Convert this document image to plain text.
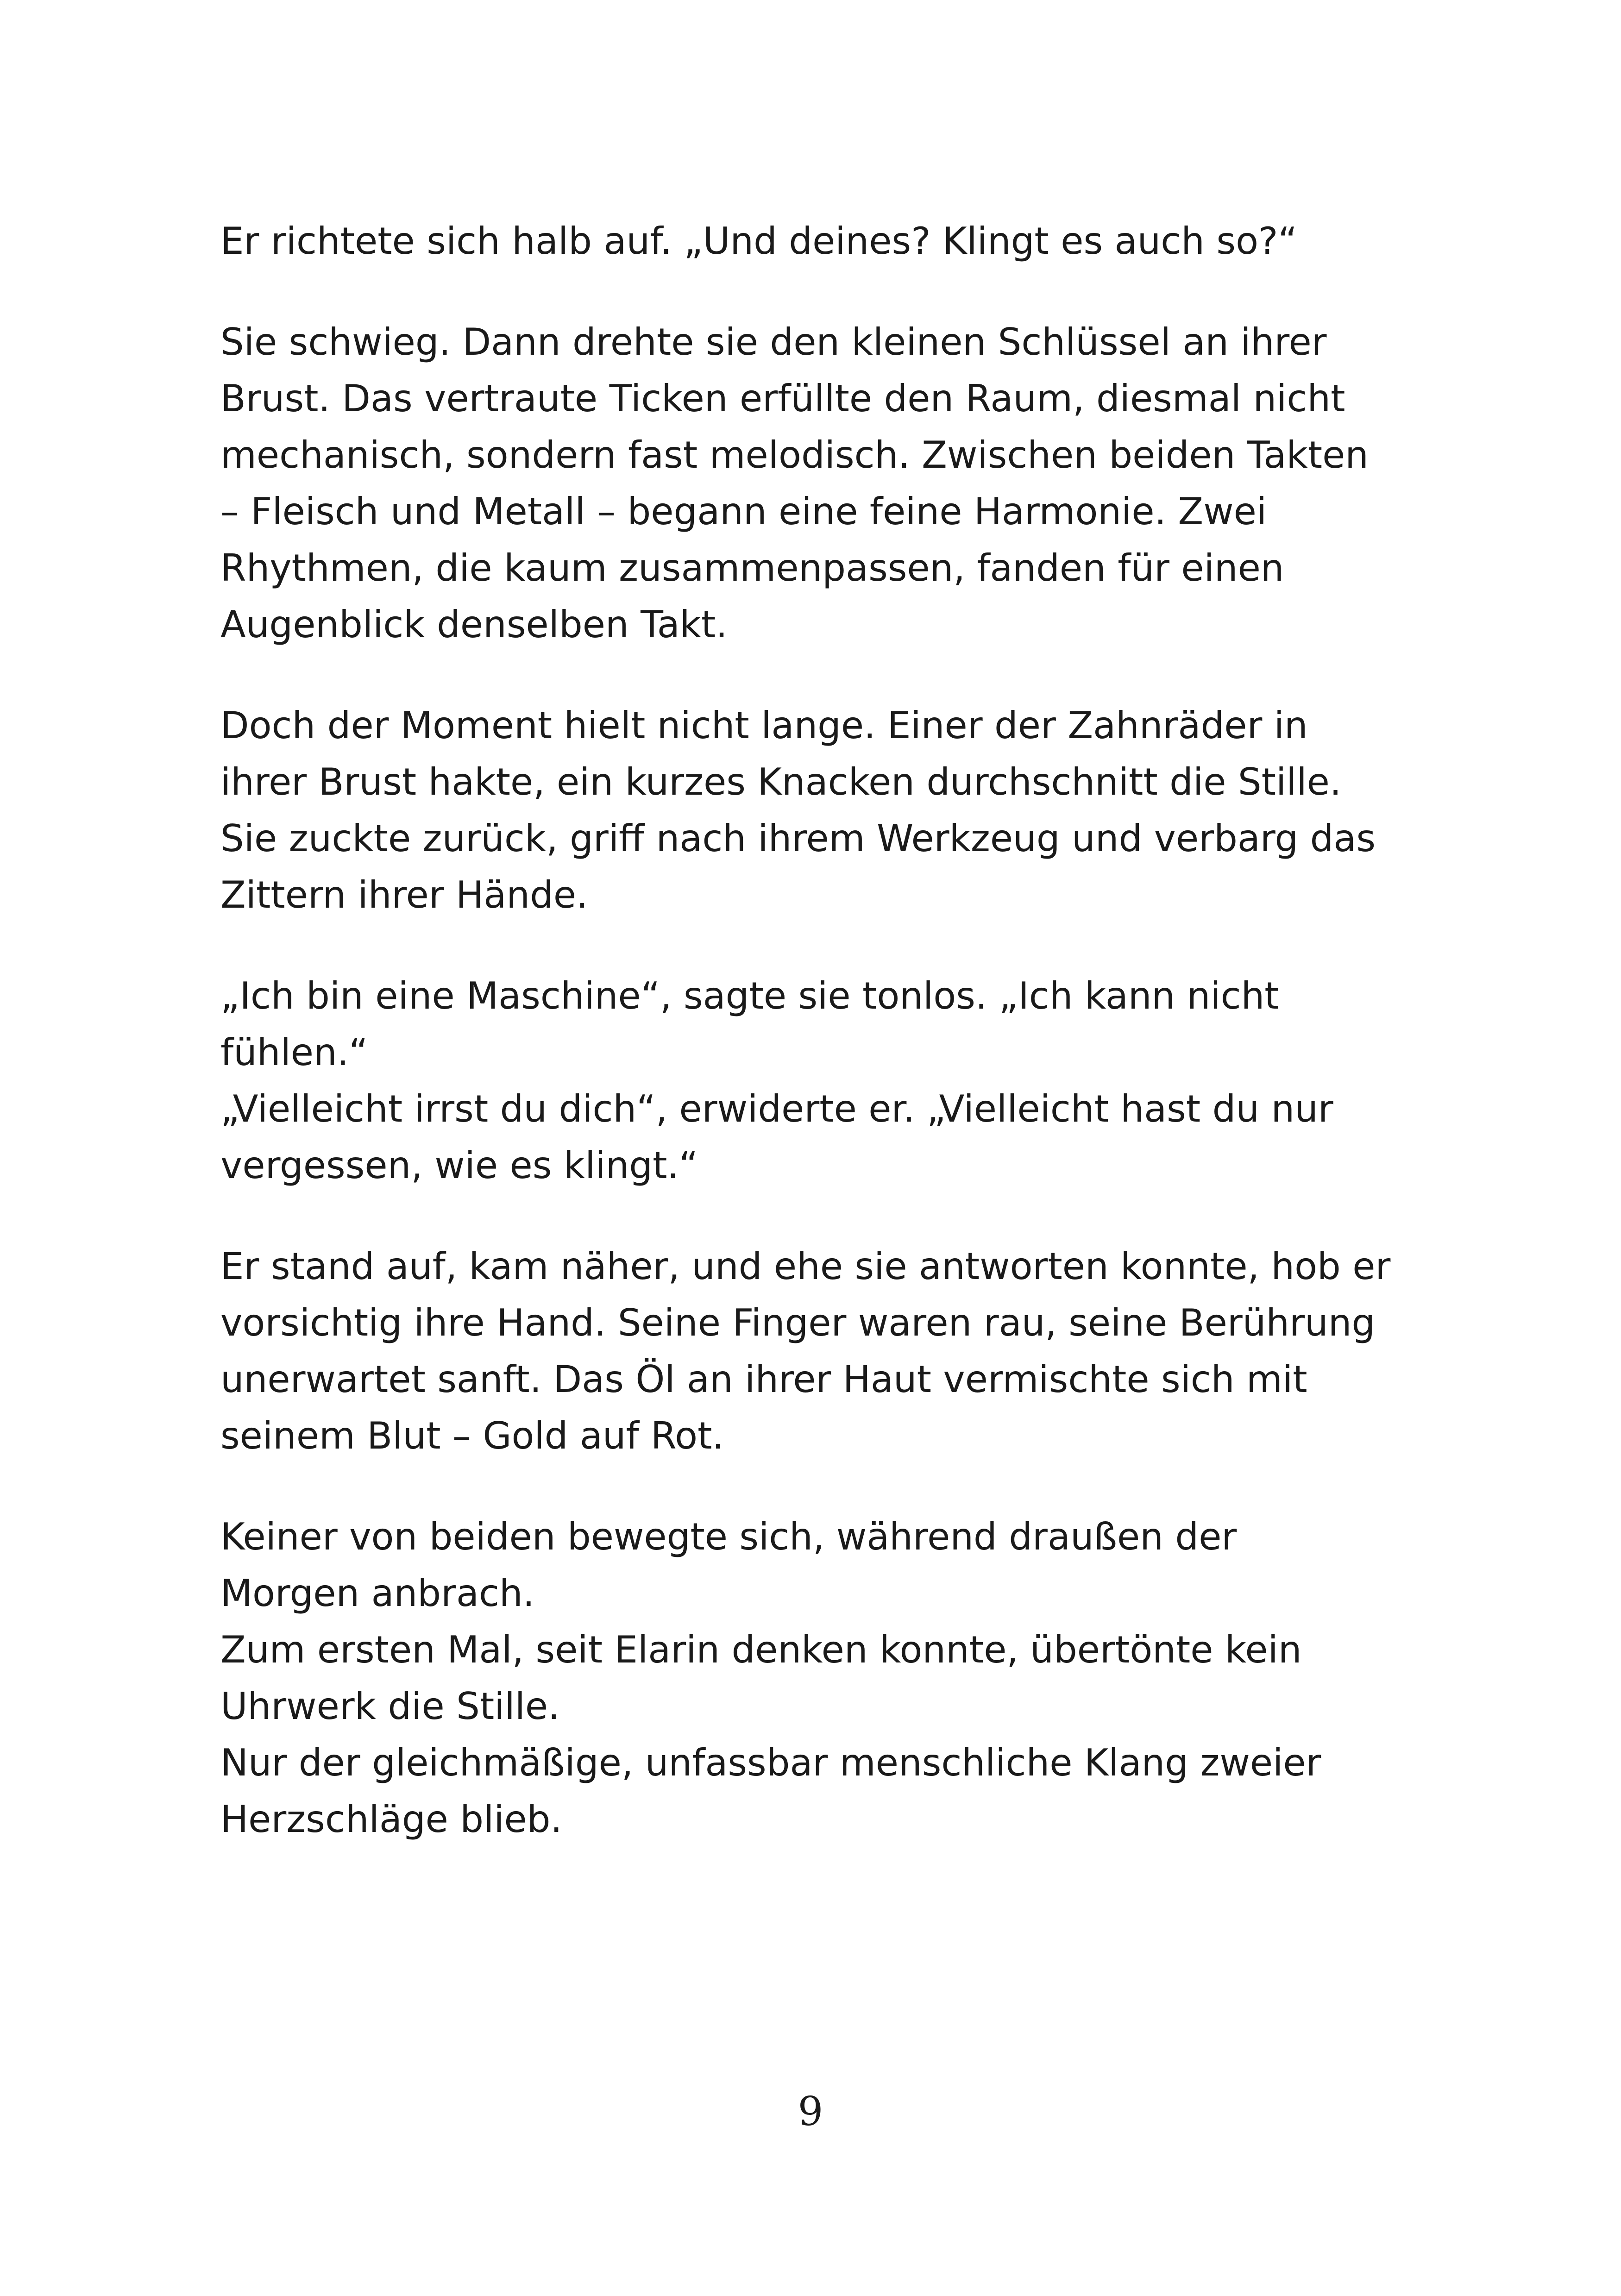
Er richtete sich halb auf. „Und deines? Klingt es auch so?“

Sie schwieg. Dann drehte sie den kleinen Schlüssel an ihrer
Brust. Das vertraute Ticken erfüllte den Raum, diesmal nicht
mechanisch, sondern fast melodisch. Zwischen beiden Takten
– Fleisch und Metall – begann eine feine Harmonie. Zwei
Rhythmen, die kaum zusammenpassen, fanden für einen
Augenblick denselben Takt.

Doch der Moment hielt nicht lange. Einer der Zahnräder in
ihrer Brust hakte, ein kurzes Knacken durchschnitt die Stille.
Sie zuckte zurück, griff nach ihrem Werkzeug und verbarg das
Zittern ihrer Hände.

„Ich bin eine Maschine“, sagte sie tonlos. „Ich kann nicht
fühlen.“
„Vielleicht irrst du dich“, erwiderte er. „Vielleicht hast du nur
vergessen, wie es klingt.“

Er stand auf, kam näher, und ehe sie antworten konnte, hob er
vorsichtig ihre Hand. Seine Finger waren rau, seine Berührung
unerwartet sanft. Das Öl an ihrer Haut vermischte sich mit
seinem Blut – Gold auf Rot.

Keiner von beiden bewegte sich, während draußen der
Morgen anbrach.
Zum ersten Mal, seit Elarin denken konnte, übertönte kein
Uhrwerk die Stille.
Nur der gleichmäßige, unfassbar menschliche Klang zweier
Herzschläge blieb.

9
